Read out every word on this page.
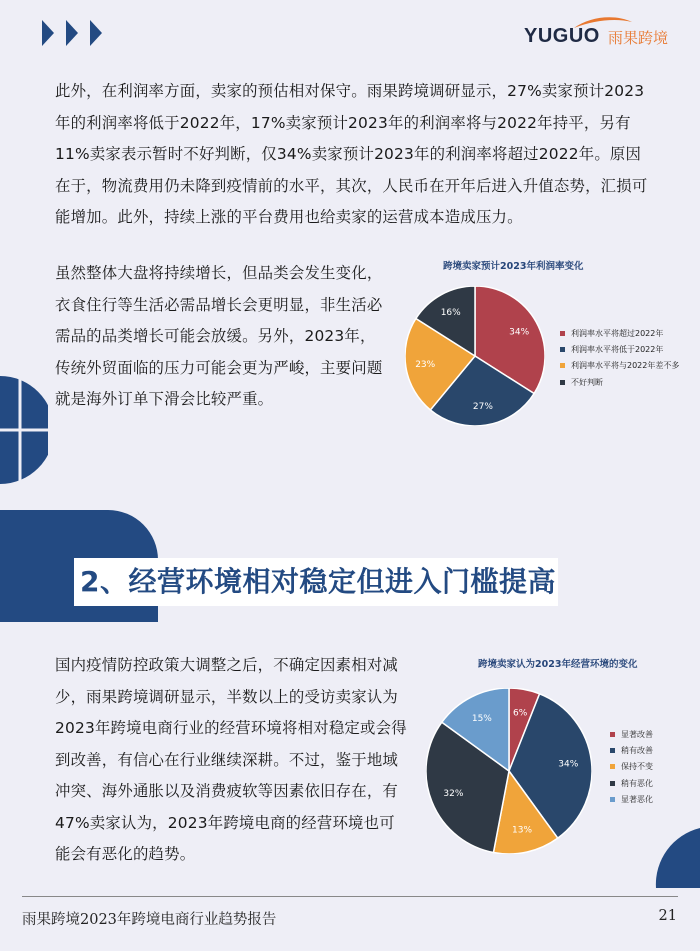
YUGUO 雨果跨境

此外，在利润率方面，卖家的预估相对保守。雨果跨境调研显示，27%卖家预计2023年的利润率将低于2022年，17%卖家预计2023年的利润率将与2022年持平，另有11%卖家表示暂时不好判断，仅34%卖家预计2023年的利润率将超过2022年。原因在于，物流费用仍未降到疫情前的水平，其次，人民币在开年后进入升值态势，汇损可能增加。此外，持续上涨的平台费用也给卖家的运营成本造成压力。

虽然整体大盘将持续增长，但品类会发生变化，衣食住行等生活必需品增长会更明显，非生活必需品的品类增长可能会放缓。另外，2023年，传统外贸面临的压力可能会更为严峻，主要问题就是海外订单下滑会比较严重。

跨境卖家预计2023年利润率变化
34%
27%
23%
16%
利润率水平将超过2022年
利润率水平将低于2022年
利润率水平将与2022年差不多
不好判断
2、经营环境相对稳定但进入门槛提高

国内疫情防控政策大调整之后，不确定因素相对减少，雨果跨境调研显示，半数以上的受访卖家认为2023年跨境电商行业的经营环境将相对稳定或会得到改善，有信心在行业继续深耕。不过，鉴于地域冲突、海外通胀以及消费疲软等因素依旧存在，有47%卖家认为，2023年跨境电商的经营环境也可能会有恶化的趋势。

跨境卖家认为2023年经营环境的变化
6%
34%
13%
32%
15%
显著改善
稍有改善
保持不变
稍有恶化
显著恶化
雨果跨境2023年跨境电商行业趋势报告	21
